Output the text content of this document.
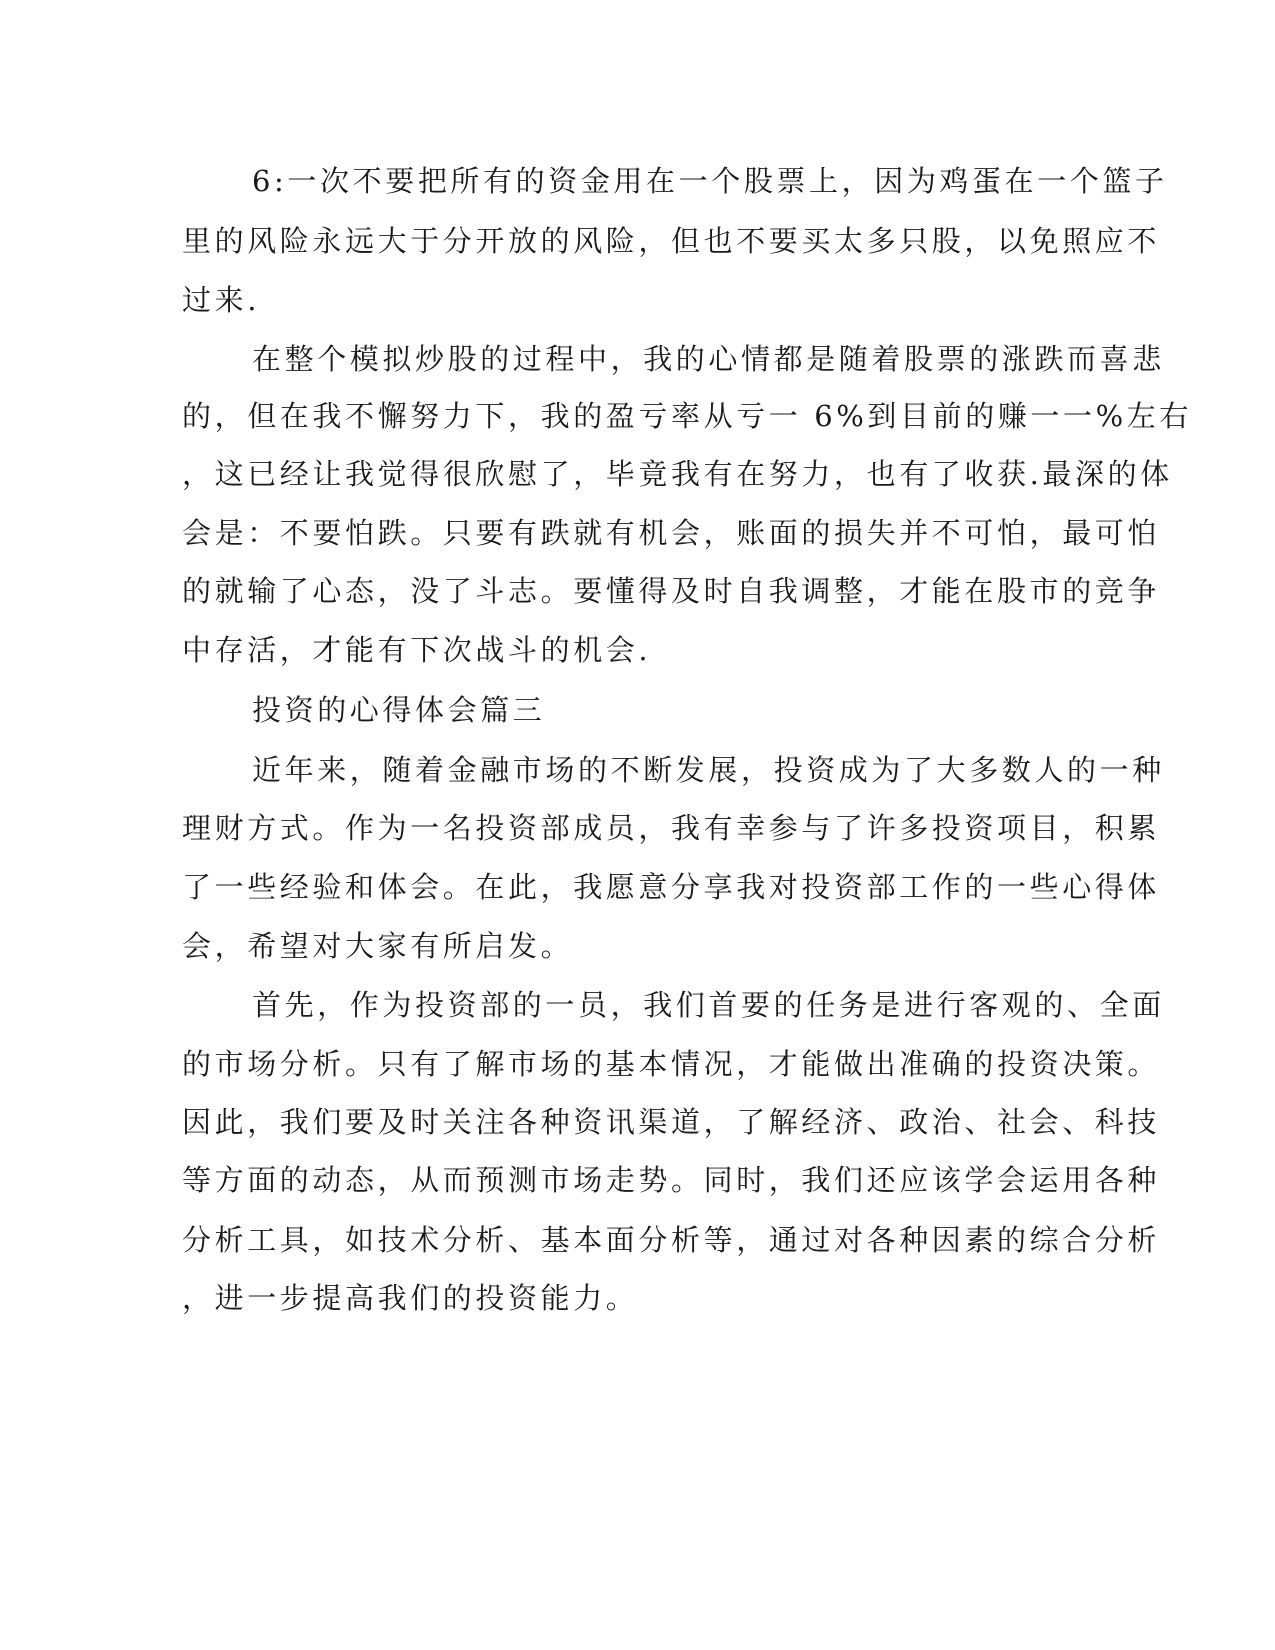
6:一次不要把所有的资金用在一个股票上，因为鸡蛋在一个篮子
里的风险永远大于分开放的风险，但也不要买太多只股，以免照应不
过来.
在整个模拟炒股的过程中，我的心情都是随着股票的涨跌而喜悲
的，但在我不懈努力下，我的盈亏率从亏一 6%到目前的赚一一%左右
，这已经让我觉得很欣慰了，毕竟我有在努力，也有了收获.最深的体
会是：不要怕跌。只要有跌就有机会，账面的损失并不可怕，最可怕
的就输了心态，没了斗志。要懂得及时自我调整，才能在股市的竞争
中存活，才能有下次战斗的机会.
投资的心得体会篇三
近年来，随着金融市场的不断发展，投资成为了大多数人的一种
理财方式。作为一名投资部成员，我有幸参与了许多投资项目，积累
了一些经验和体会。在此，我愿意分享我对投资部工作的一些心得体
会，希望对大家有所启发。
首先，作为投资部的一员，我们首要的任务是进行客观的、全面
的市场分析。只有了解市场的基本情况，才能做出准确的投资决策。
因此，我们要及时关注各种资讯渠道，了解经济、政治、社会、科技
等方面的动态，从而预测市场走势。同时，我们还应该学会运用各种
分析工具，如技术分析、基本面分析等，通过对各种因素的综合分析
，进一步提高我们的投资能力。
